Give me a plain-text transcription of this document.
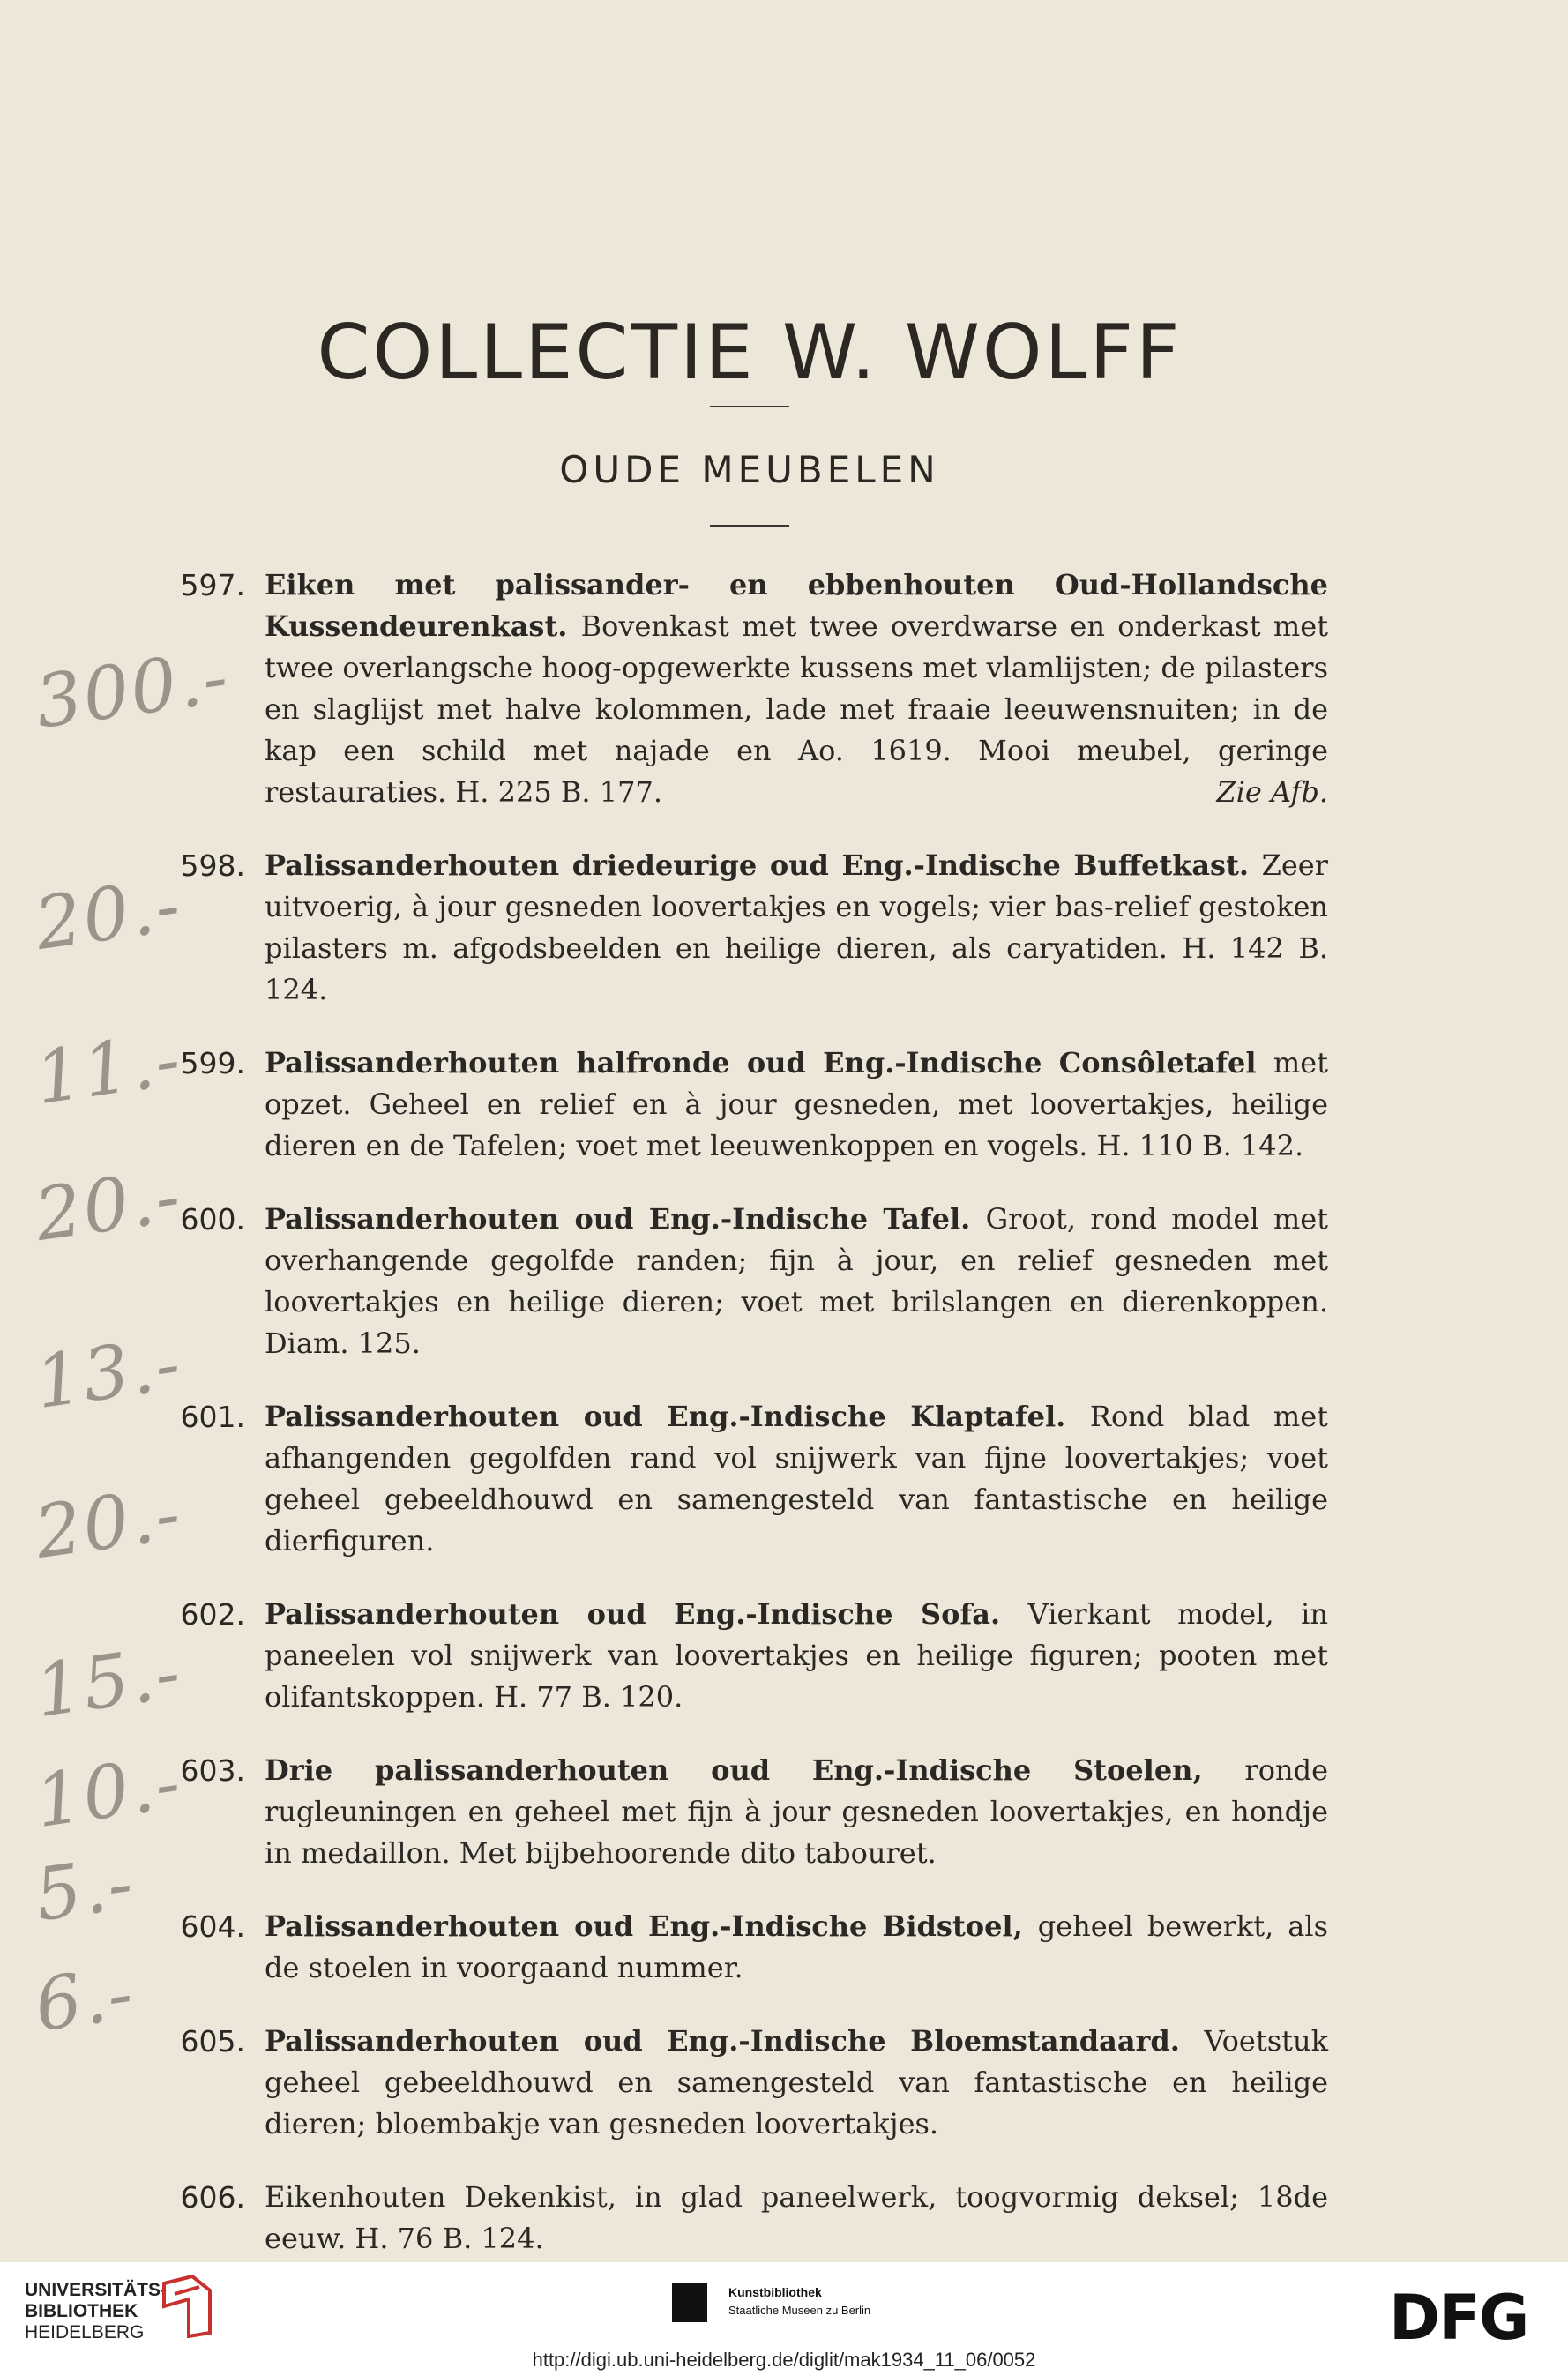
COLLECTIE W. WOLFF
OUDE MEUBELEN
597. Eiken met palissander- en ebbenhouten Oud-Hollandsche Kussendeurenkast. Bovenkast met twee overdwarse en onderkast met twee overlangsche hoog-opgewerkte kussens met vlamlijsten; de pilasters en slaglijst met halve kolommen, lade met fraaie leeuwensnuiten; in de kap een schild met najade en Ao. 1619. Mooi meubel, geringe restauraties. H. 225 B. 177.	Zie Afb.
598. Palissanderhouten driedeurige oud Eng.-Indische Buffetkast. Zeer uitvoerig, à jour gesneden loovertakjes en vogels; vier bas-relief gestoken pilasters m. afgodsbeelden en heilige dieren, als caryatiden. H. 142 B. 124.
599. Palissanderhouten halfronde oud Eng.-Indische Consôletafel met opzet. Geheel en relief en à jour gesneden, met loovertakjes, heilige dieren en de Tafelen; voet met leeuwenkoppen en vogels. H. 110 B. 142.
600. Palissanderhouten oud Eng.-Indische Tafel. Groot, rond model met overhangende gegolfde randen; fijn à jour, en relief gesneden met loovertakjes en heilige dieren; voet met brilslangen en dierenkoppen. Diam. 125.
601. Palissanderhouten oud Eng.-Indische Klaptafel. Rond blad met afhangenden gegolfden rand vol snijwerk van fijne loovertakjes; voet geheel gebeeldhouwd en samengesteld van fantastische en heilige dierfiguren.
602. Palissanderhouten oud Eng.-Indische Sofa. Vierkant model, in paneelen vol snijwerk van loovertakjes en heilige figuren; pooten met olifantskoppen. H. 77 B. 120.
603. Drie palissanderhouten oud Eng.-Indische Stoelen, ronde rugleuningen en geheel met fijn à jour gesneden loovertakjes, en hondje in medaillon. Met bijbehoorende dito tabouret.
604. Palissanderhouten oud Eng.-Indische Bidstoel, geheel bewerkt, als de stoelen in voorgaand nummer.
605. Palissanderhouten oud Eng.-Indische Bloemstandaard. Voetstuk geheel gebeeldhouwd en samengesteld van fantastische en heilige dieren; bloembakje van gesneden loovertakjes.
606. Eikenhouten Dekenkist, in glad paneelwerk, toogvormig deksel; 18de eeuw. H. 76 B. 124.
300.-
20.-
11.-
20.-
13.-
20.-
15.-
10.-
5.-
6.-
UNIVERSITÄTS-
BIBLIOTHEK
HEIDELBERG
Kunstbibliothek
Staatliche Museen zu Berlin	DFG
http://digi.ub.uni-heidelberg.de/diglit/mak1934_11_06/0052
